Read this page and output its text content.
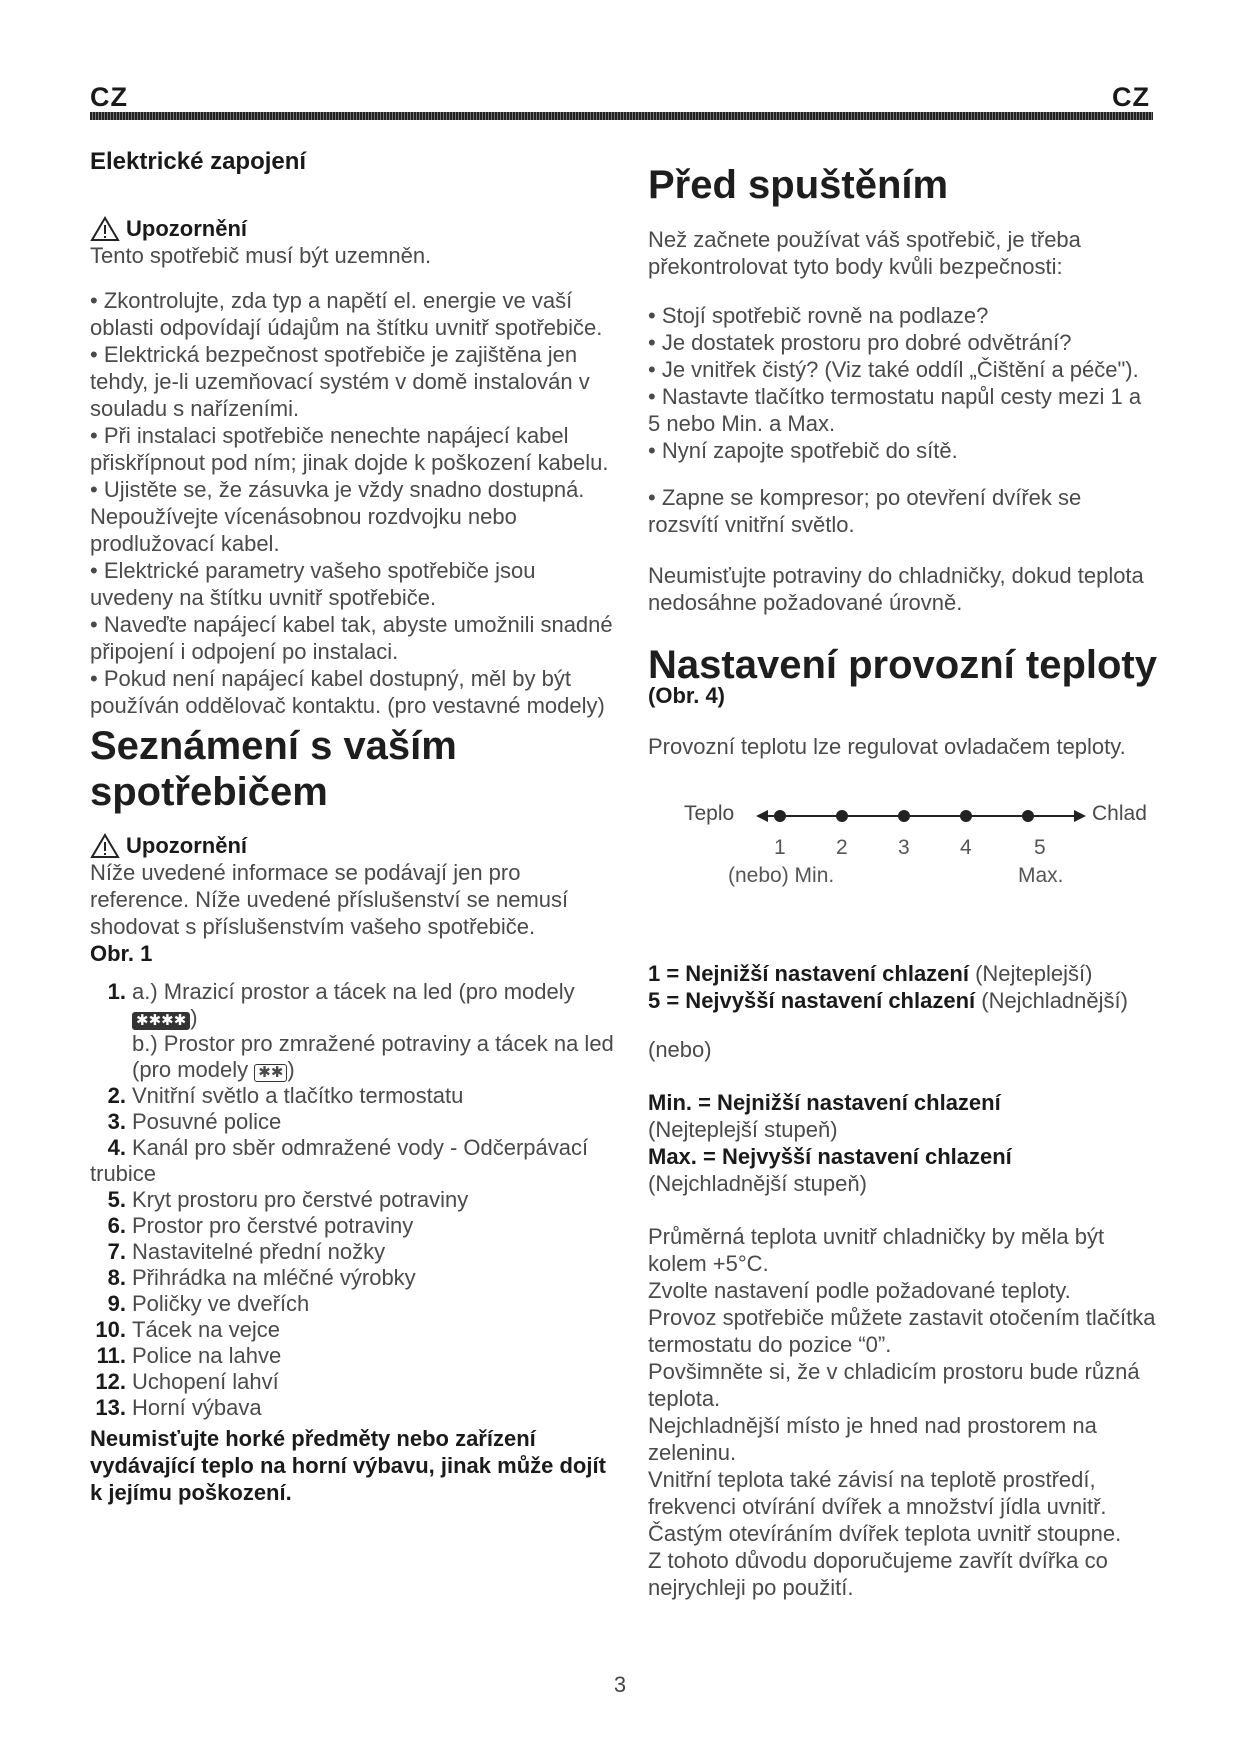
CZ	CZ

Elektrické zapojení

Upozornění

Tento spotřebič musí být uzemněn.

• Zkontrolujte, zda typ a napětí el. energie ve vaší oblasti odpovídají údajům na štítku uvnitř spotřebiče.

• Elektrická bezpečnost spotřebiče je zajištěna jen tehdy, je-li uzemňovací systém v domě instalován v souladu s nařízeními.

• Při instalaci spotřebiče nenechte napájecí kabel přiskřípnout pod ním; jinak dojde k poškození kabelu.

• Ujistěte se, že zásuvka je vždy snadno dostupná. Nepoužívejte vícenásobnou rozdvojku nebo prodlužovací kabel.

• Elektrické parametry vašeho spotřebiče jsou uvedeny na štítku uvnitř spotřebiče.

• Naveďte napájecí kabel tak, abyste umožnili snadné připojení i odpojení po instalaci.

• Pokud není napájecí kabel dostupný, měl by být používán oddělovač kontaktu. (pro vestavné modely)

Seznámení s vaším spotřebičem

Upozornění

Níže uvedené informace se podávají jen pro reference. Níže uvedené příslušenství se nemusí shodovat s příslušenstvím vašeho spotřebiče.

Obr. 1

1. a.) Mrazicí prostor a tácek na led (pro modely
✱✱✱✱ )
b.) Prostor pro zmražené potraviny a tácek na led (pro modely ✱✱ )
2. Vnitřní světlo a tlačítko termostatu
3. Posuvné police
4. Kanál pro sběr odmražené vody - Odčerpávací trubice
5. Kryt prostoru pro čerstvé potraviny
6. Prostor pro čerstvé potraviny
7. Nastavitelné přední nožky
8. Přihrádka na mléčné výrobky
9. Poličky ve dveřích
10. Tácek na vejce
11. Police na lahve
12. Uchopení lahví
13. Horní výbava

Neumisťujte horké předměty nebo zařízení vydávající teplo na horní výbavu, jinak může dojít k jejímu poškození.

Před spuštěním

Než začnete používat váš spotřebič, je třeba překontrolovat tyto body kvůli bezpečnosti:

• Stojí spotřebič rovně na podlaze?

• Je dostatek prostoru pro dobré odvětrání?

• Je vnitřek čistý? (Viz také oddíl „Čištění a péče").

• Nastavte tlačítko termostatu napůl cesty mezi 1 a 5 nebo Min. a Max.

• Nyní zapojte spotřebič do sítě.

• Zapne se kompresor; po otevření dvířek se rozsvítí vnitřní světlo.

Neumisťujte potraviny do chladničky, dokud teplota nedosáhne požadované úrovně.

Nastavení provozní teploty

(Obr. 4)

Provozní teplotu lze regulovat ovladačem teploty.

Teplo	Chlad
1 2 3 4	5
(nebo) Min.	Max.

1 = Nejnižší nastavení chlazení (Nejteplejší)

5 = Nejvyšší nastavení chlazení (Nejchladnější)

(nebo)

Min. = Nejnižší nastavení chlazení

(Nejteplejší stupeň)

Max. = Nejvyšší nastavení chlazení

(Nejchladnější stupeň)

Průměrná teplota uvnitř chladničky by měla být kolem +5°C.

Zvolte nastavení podle požadované teploty.

Provoz spotřebiče můžete zastavit otočením tlačítka termostatu do pozice “0”.

Povšimněte si, že v chladicím prostoru bude různá teplota.

Nejchladnější místo je hned nad prostorem na zeleninu.

Vnitřní teplota také závisí na teplotě prostředí, frekvenci otvírání dvířek a množství jídla uvnitř.

Častým otevíráním dvířek teplota uvnitř stoupne.

Z tohoto důvodu doporučujeme zavřít dvířka co nejrychleji po použití.

3
